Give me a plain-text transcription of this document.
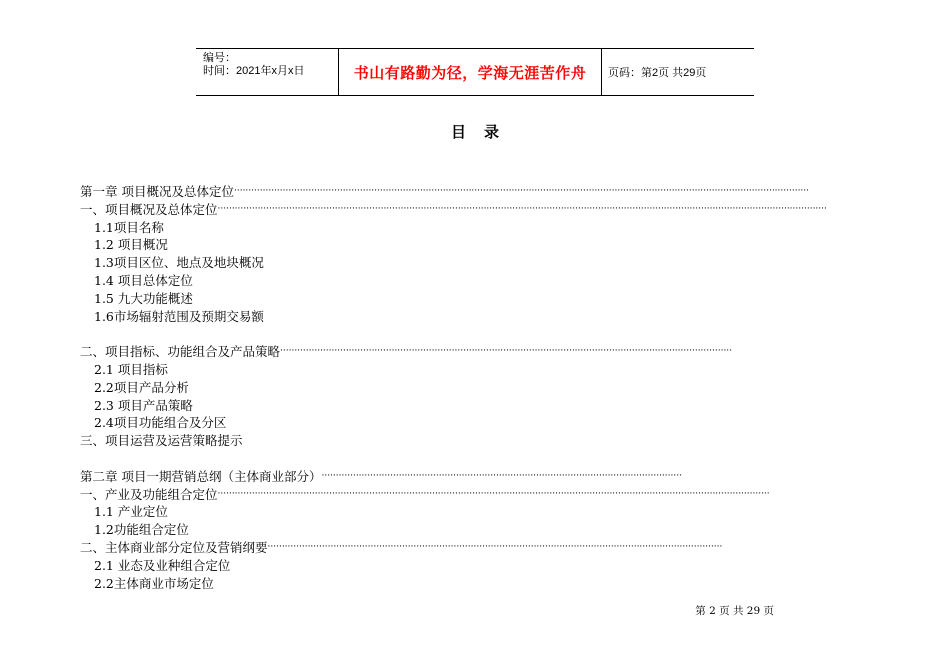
编号：
时间：2021年x月x日	书山有路勤为径，学海无涯苦作舟	页码：第2页 共29页
目 录
第一章 项目概况及总体定位·········································································································································································································
一、项目概况及总体定位·····················································································································································································································
1.1项目名称
1.2 项目概况
1.3项目区位、地点及地块概况
1.4 项目总体定位
1.5 九大功能概述
1.6市场辐射范围及预期交易额
二、项目指标、功能组合及产品策略······························································································································································
2.1 项目指标
2.2项目产品分析
2.3 项目产品策略
2.4项目功能组合及分区
三、项目运营及运营策略提示
第二章 项目一期营销总纲（主体商业部分）······························································································································
一、产业及功能组合定位·································································································································································································
1.1 产业定位
1.2功能组合定位
二、主体商业部分定位及营销纲要·······························································································································································
2.1 业态及业种组合定位
2.2主体商业市场定位
第 2 页 共 29 页
